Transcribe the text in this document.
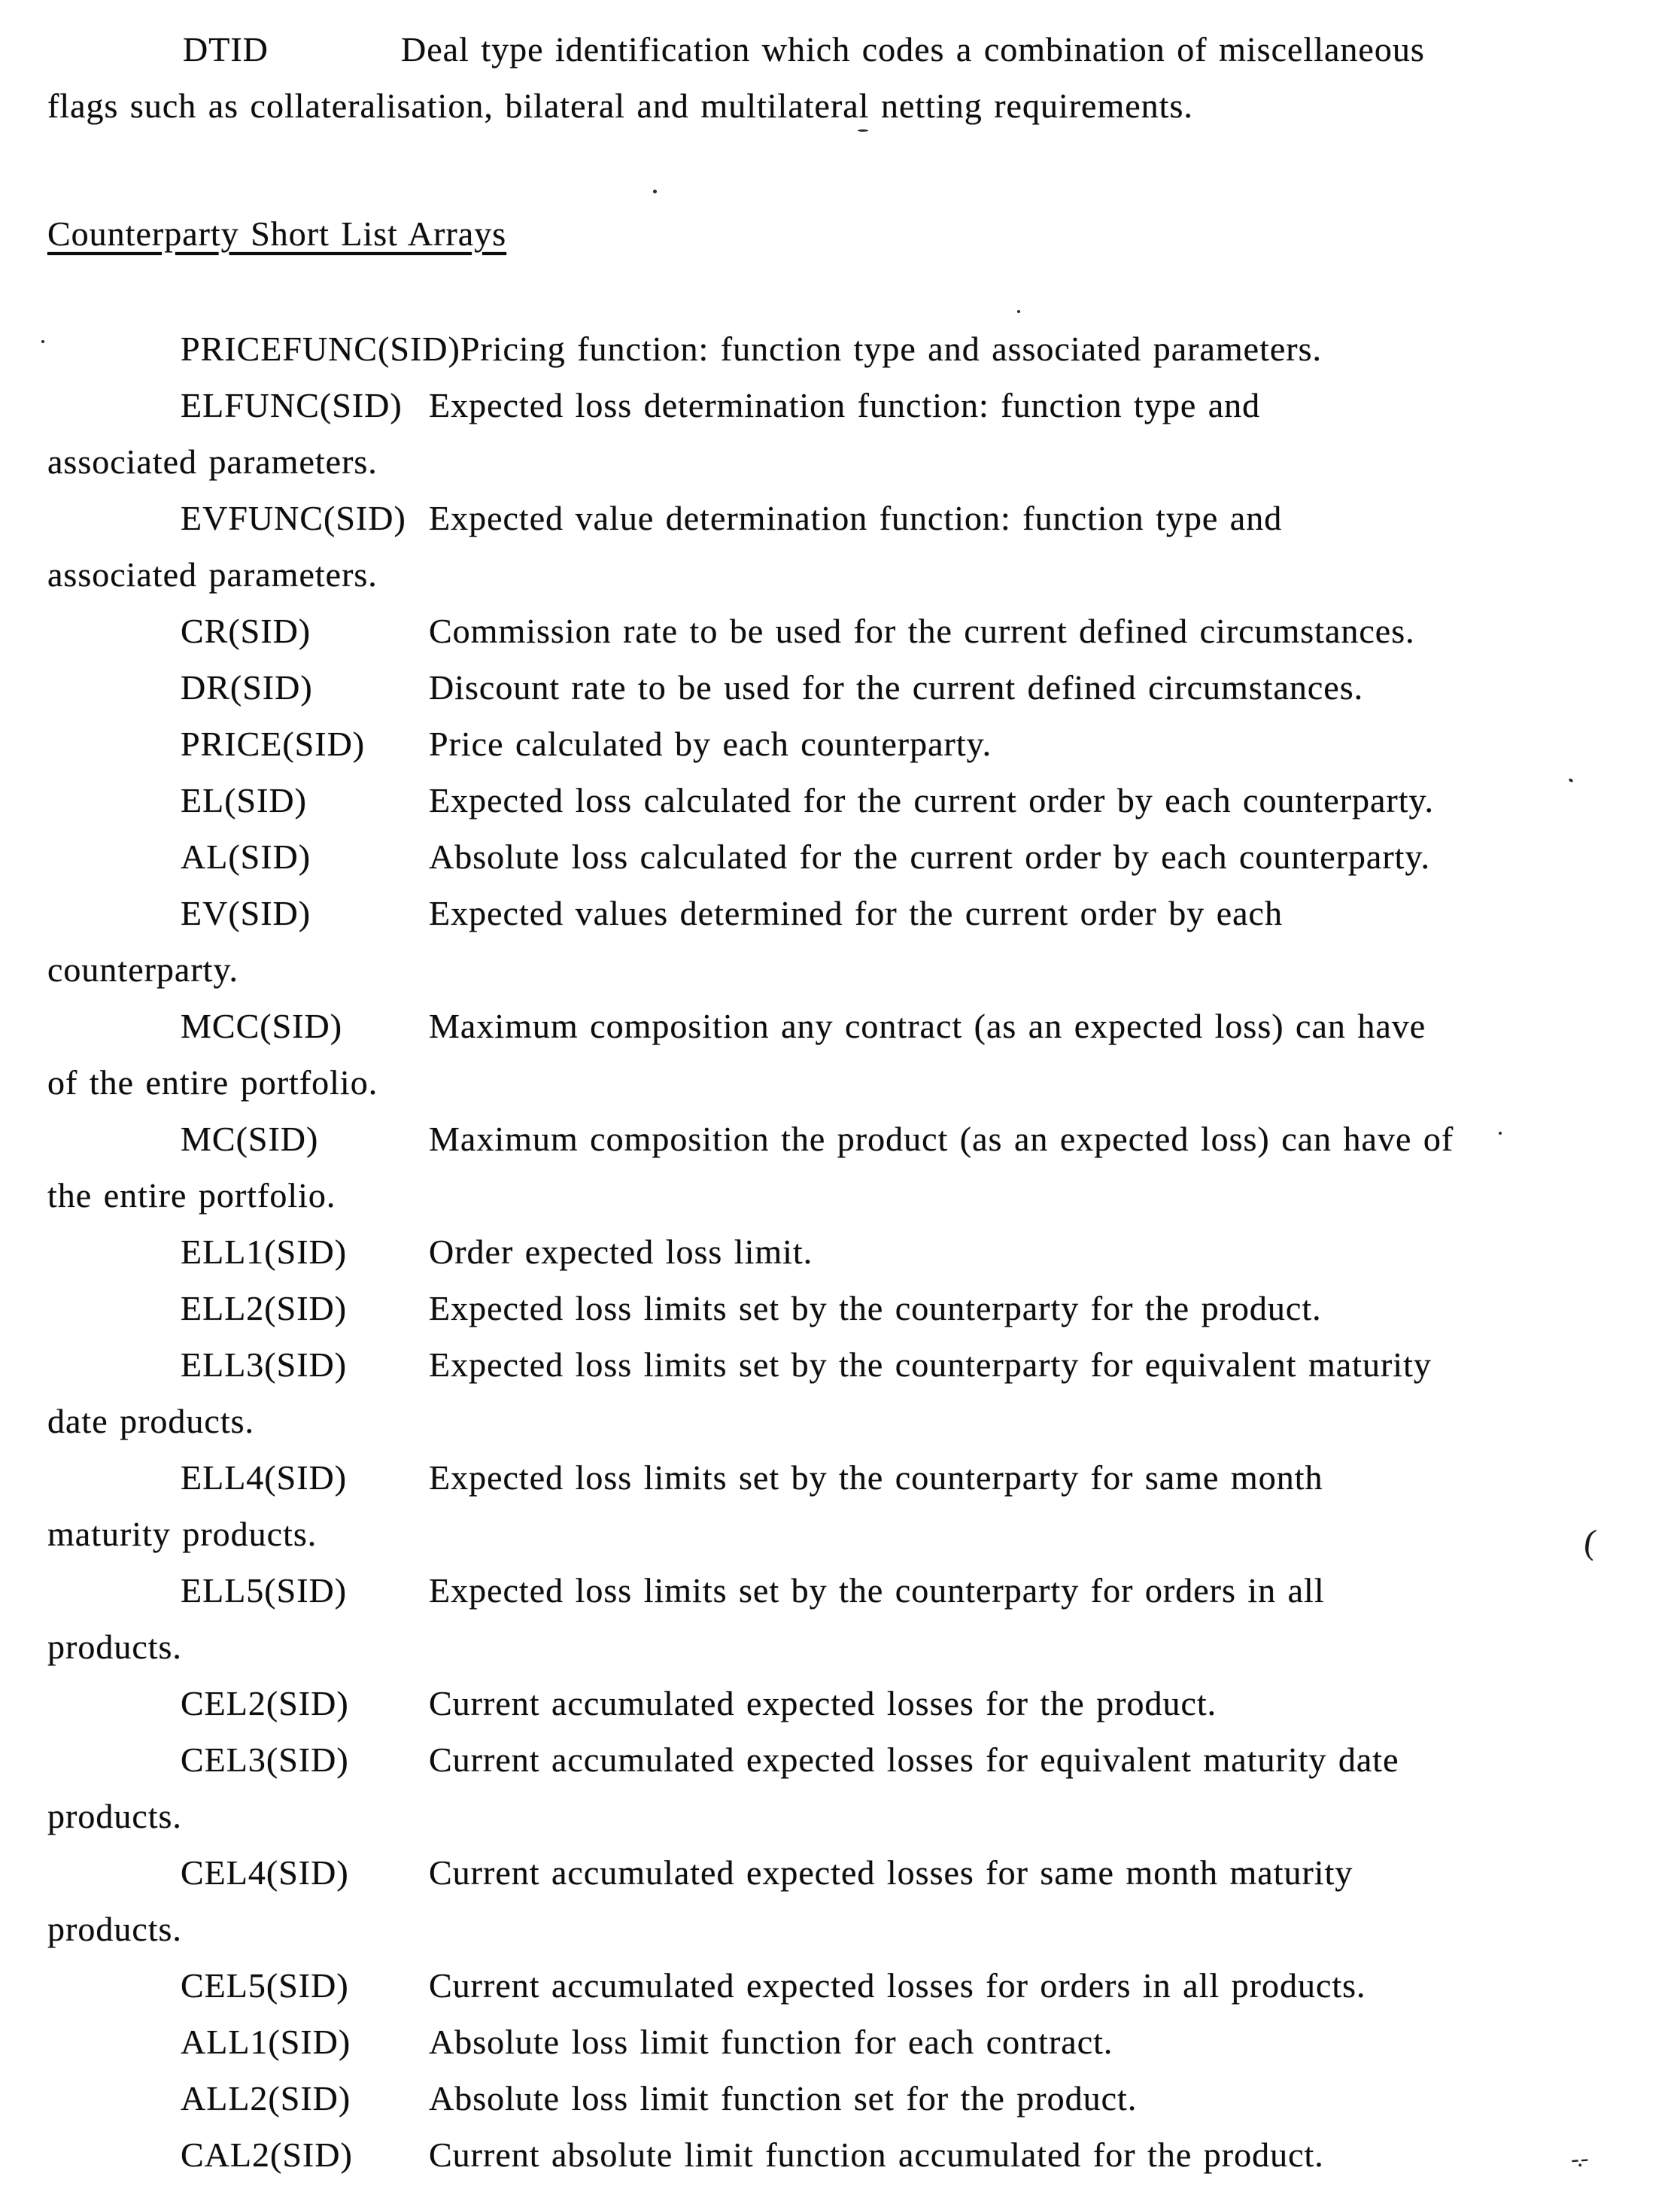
DTID	Deal type identification which codes a combination of miscellaneous
flags such as collateralisation, bilateral and multilateral netting requirements.
Counterparty Short List Arrays
PRICEFUNC(SID)Pricing function: function type and associated parameters.
ELFUNC(SID) Expected loss determination function: function type and
associated parameters.
EVFUNC(SID) Expected value determination function: function type and
associated parameters.
CR(SID)	Commission rate to be used for the current defined circumstances.
DR(SID)	Discount rate to be used for the current defined circumstances.
PRICE(SID) Price calculated by each counterparty.
EL(SID)	Expected loss calculated for the current order by each counterparty.
AL(SID)	Absolute loss calculated for the current order by each counterparty.
EV(SID)	Expected values determined for the current order by each
counterparty.
MCC(SID) Maximum composition any contract (as an expected loss) can have
of the entire portfolio.
MC(SID)	Maximum composition the product (as an expected loss) can have of
the entire portfolio.
ELL1(SID) Order expected loss limit.
ELL2(SID) Expected loss limits set by the counterparty for the product.
ELL3(SID) Expected loss limits set by the counterparty for equivalent maturity
date products.
ELL4(SID) Expected loss limits set by the counterparty for same month
maturity products.
ELL5(SID) Expected loss limits set by the counterparty for orders in all
products.
CEL2(SID) Current accumulated expected losses for the product.
CEL3(SID) Current accumulated expected losses for equivalent maturity date
products.
CEL4(SID) Current accumulated expected losses for same month maturity
products.
CEL5(SID) Current accumulated expected losses for orders in all products.
ALL1(SID) Absolute loss limit function for each contract.
ALL2(SID) Absolute loss limit function set for the product.
CAL2(SID) Current absolute limit function accumulated for the product.
(
-.-
